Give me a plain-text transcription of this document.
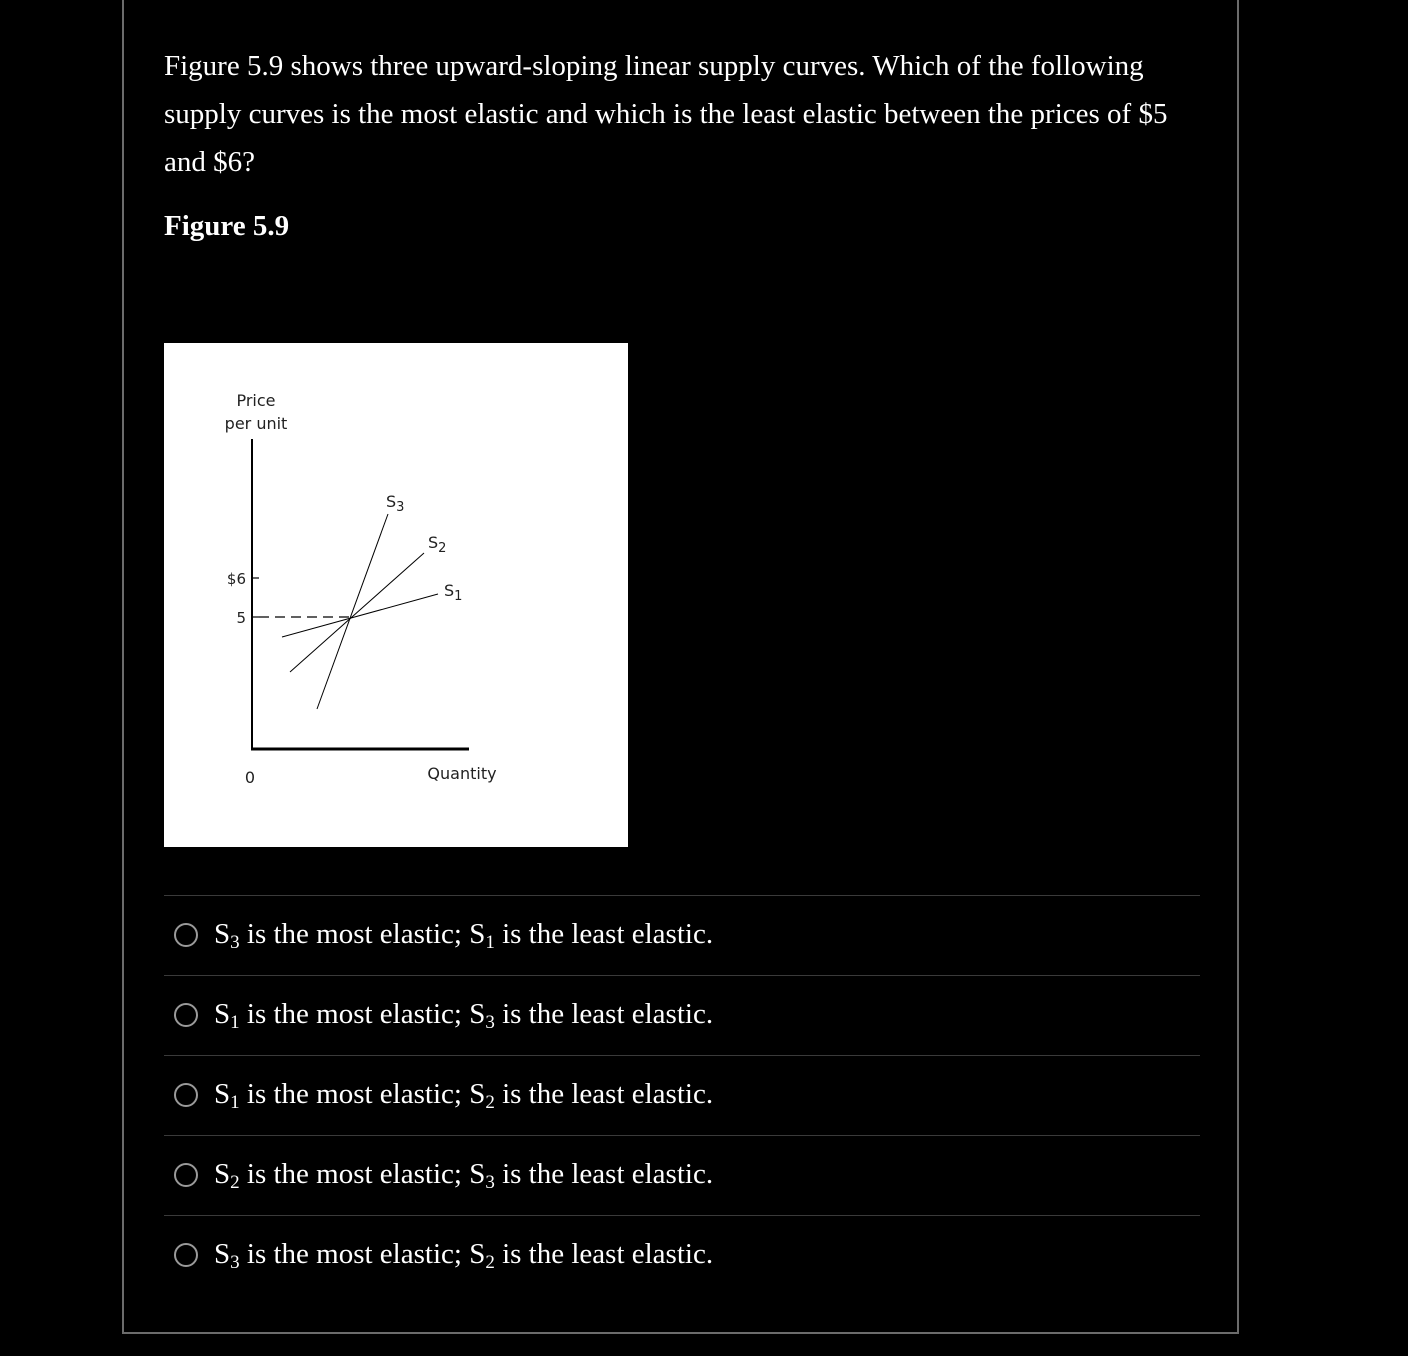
Figure 5.9 shows three upward-sloping linear supply curves. Which of the following supply curves is the most elastic and which is the least elastic between the prices of $5 and $6?

Figure 5.9

Price
per unit
$6
5
$S_3$
$S_2$
$S_1$
0	Quantity
$S_3$ is the most elastic; $S_1$ is the least elastic.
$S_1$ is the most elastic; $S_3$ is the least elastic.
$S_1$ is the most elastic; $S_2$ is the least elastic.
$S_2$ is the most elastic; $S_3$ is the least elastic.
$S_3$ is the most elastic; $S_2$ is the least elastic.
